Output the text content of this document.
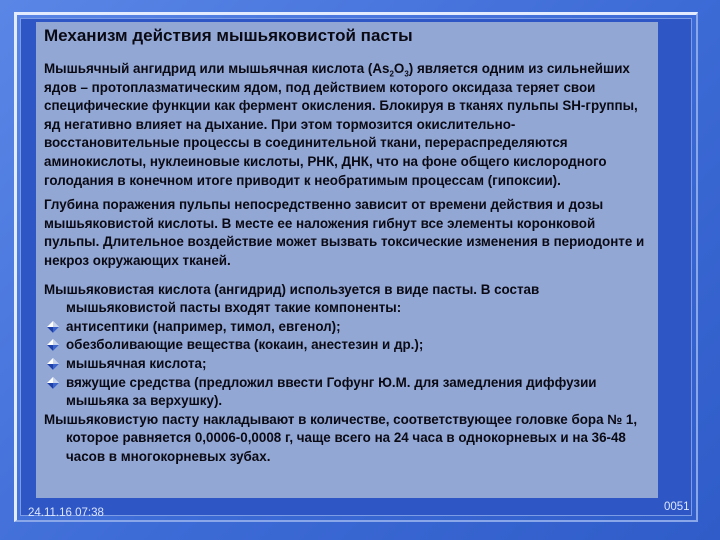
Механизм действия мышьяковистой пасты

Мышьячный ангидрид или мышьячная кислота $(As_2O_3)$ является одним из сильнейших ядов – протоплазматическим ядом, под действием которого оксидаза теряет свои специфические функции как фермент окисления. Блокируя в тканях пульпы SH-группы, яд негативно влияет на дыхание. При этом тормозится окислительно-восстановительные процессы в соединительной ткани, перераспределяются аминокислоты, нуклеиновые кислоты, РНК, ДНК, что на фоне общего кислородного голодания в конечном итоге приводит к необратимым процессам (гипоксии).

Глубина поражения пульпы непосредственно зависит от времени действия и дозы мышьяковистой кислоты. В месте ее наложения гибнут все элементы коронковой пульпы. Длительное воздействие может вызвать токсические изменения в периодонте и некроз окружающих тканей.

Мышьяковистая кислота (ангидрид) используется в виде пасты. В состав мышьяковистой пасты входят такие компоненты:

антисептики (например, тимол, евгенол);
обезболивающие вещества (кокаин, анестезин и др.);
мышьячная кислота;
вяжущие средства (предложил ввести Гофунг Ю.М. для замедления диффузии мышьяка за верхушку).

Мышьяковистую пасту накладывают в количестве, соответствующее головке бора № 1, которое равняется 0,0006-0,0008 г, чаще всего на 24 часа в однокорневых и на 36-48 часов в многокорневых зубах.

24.11.16 07:38	0051
